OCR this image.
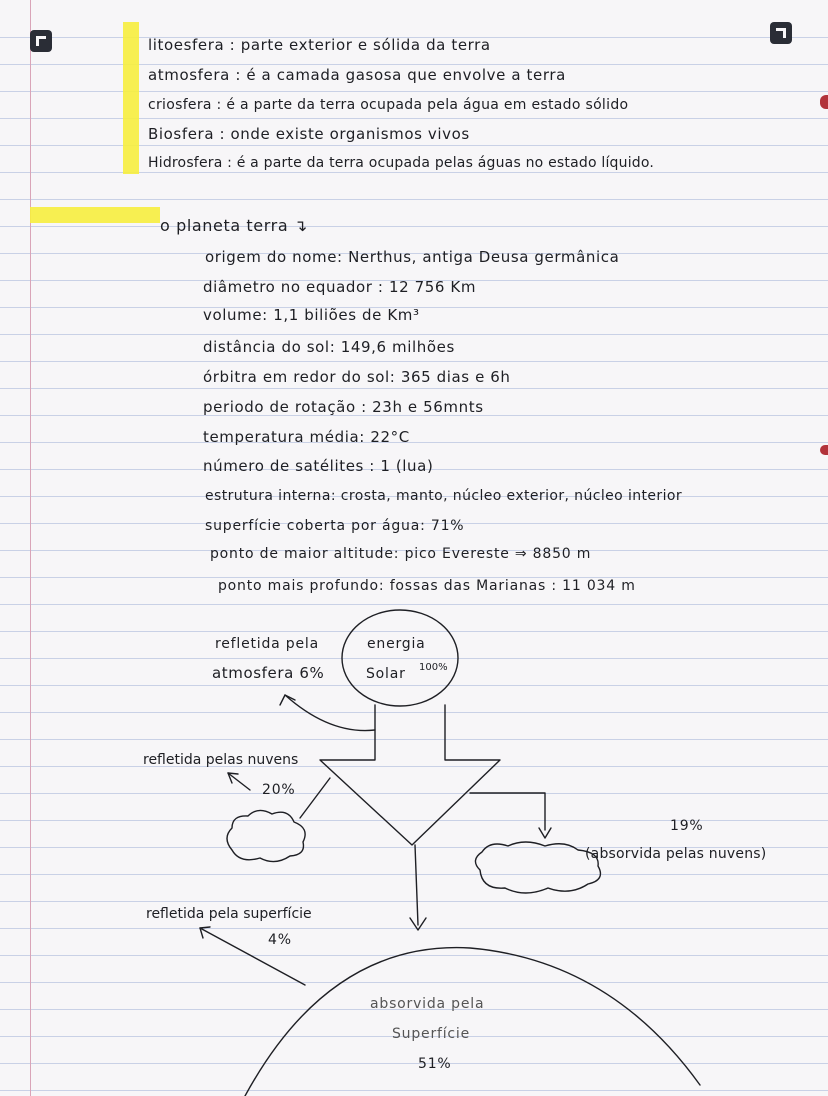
litoesfera : parte exterior e sólida da terra
atmosfera : é a camada gasosa que envolve a terra
criosfera : é a parte da terra ocupada pela água em estado sólido
Biosfera : onde existe organismos vivos
Hidrosfera : é a parte da terra ocupada pelas águas no estado líquido.
o planeta terra ↴
origem do nome: Nerthus, antiga Deusa germânica
diâmetro no equador : 12 756 Km
volume: 1,1 biliões de Km³
distância do sol: 149,6 milhões
órbitra em redor do sol: 365 dias e 6h
periodo de rotação : 23h e 56mnts
temperatura média: 22°C
número de satélites : 1 (lua)
estrutura interna: crosta, manto, núcleo exterior, núcleo interior
superfície coberta por água: 71%
ponto de maior altitude: pico Evereste ⇒ 8850 m
ponto mais profundo: fossas das Marianas : 11 034 m
energia
Solar 100%
refletida pela
atmosfera 6%
refletida pelas nuvens
20%
19%
(absorvida pelas nuvens)
refletida pela superfície
4%
absorvida pela
Superfície
51%
